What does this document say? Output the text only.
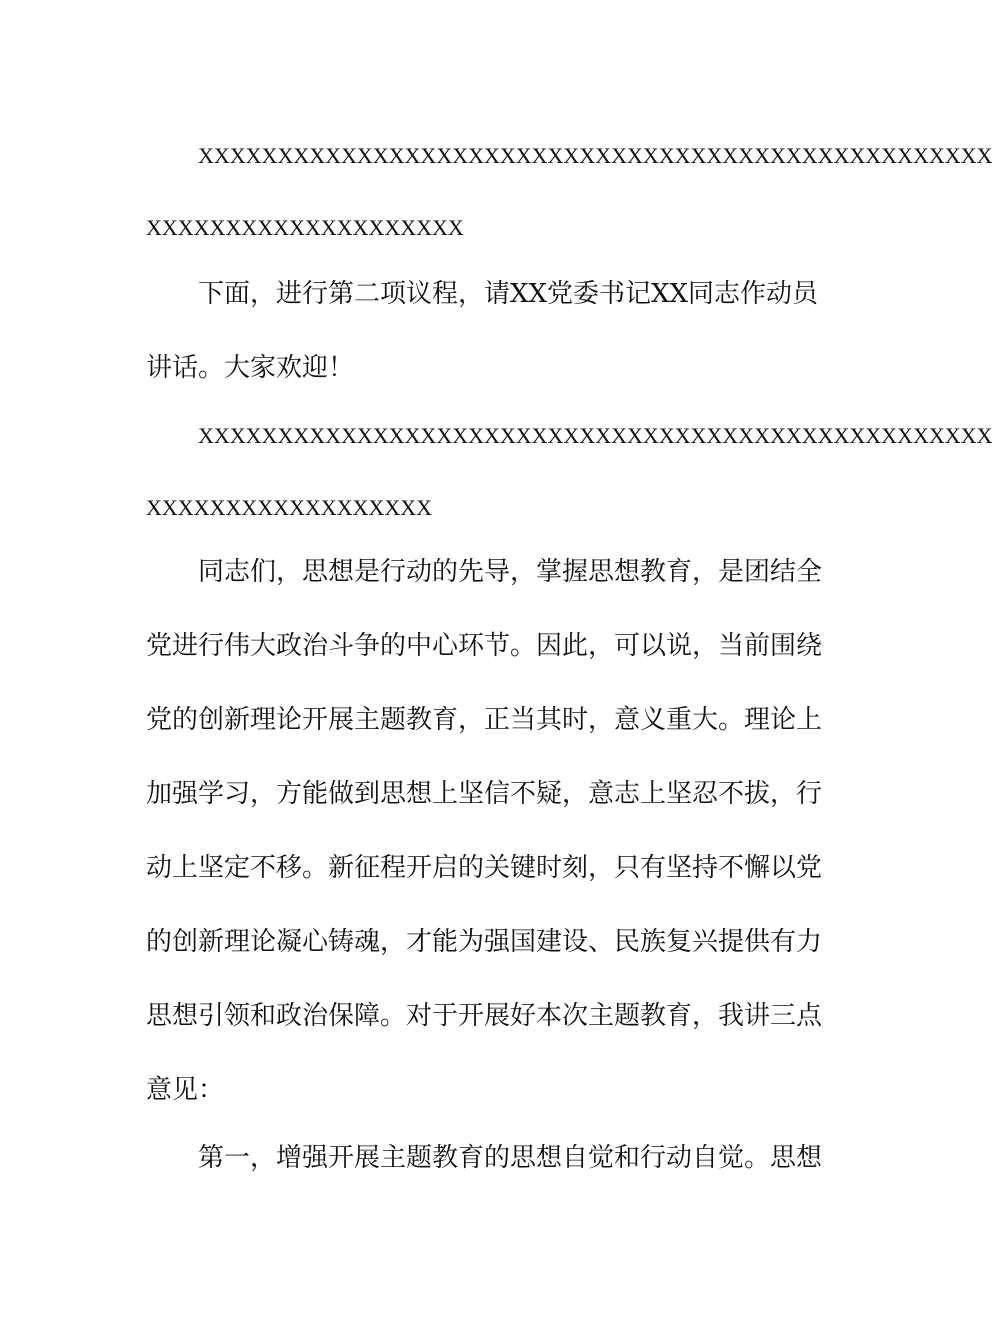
XXXXXXXXXXXXXXXXXXXXXXXXXXXXXXXXXXXXXXXXXXXXXXXXXX
XXXXXXXXXXXXXXXXXXXX
下面，进行第二项议程，请XX党委书记XX同志作动员
讲话。大家欢迎！
XXXXXXXXXXXXXXXXXXXXXXXXXXXXXXXXXXXXXXXXXXXXXXXXXX
XXXXXXXXXXXXXXXXXX
同志们，思想是行动的先导，掌握思想教育，是团结全
党进行伟大政治斗争的中心环节。因此，可以说，当前围绕
党的创新理论开展主题教育，正当其时，意义重大。理论上
加强学习，方能做到思想上坚信不疑，意志上坚忍不拔，行
动上坚定不移。新征程开启的关键时刻，只有坚持不懈以党
的创新理论凝心铸魂，才能为强国建设、民族复兴提供有力
思想引领和政治保障。对于开展好本次主题教育，我讲三点
意见：
第一，增强开展主题教育的思想自觉和行动自觉。思想
